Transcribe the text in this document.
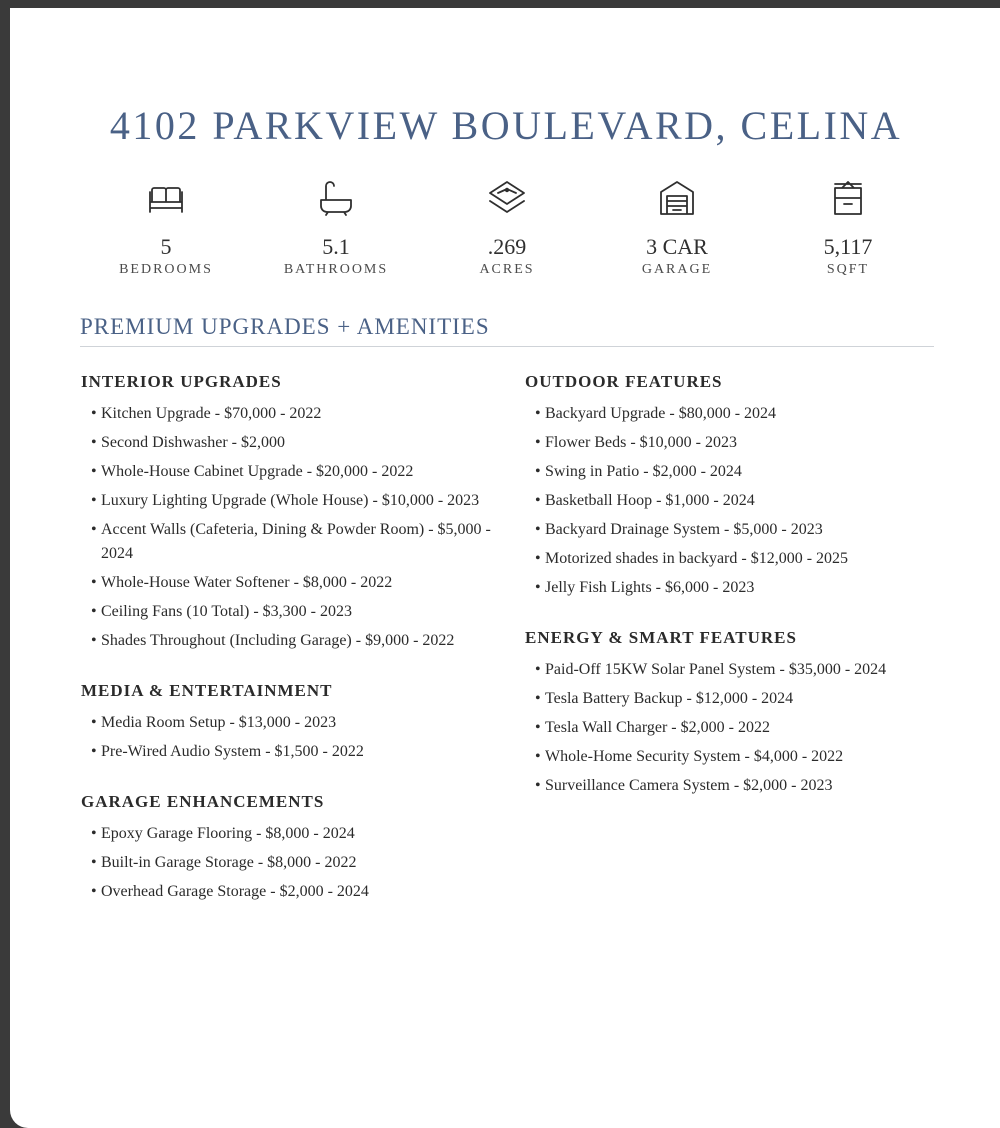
4102 PARKVIEW BOULEVARD, CELINA
5
BEDROOMS
5.1
BATHROOMS
.269
ACRES
3 CAR
GARAGE
5,117
SQFT
PREMIUM UPGRADES + AMENITIES
INTERIOR UPGRADES
• Kitchen Upgrade - $70,000 - 2022
• Second Dishwasher - $2,000
• Whole-House Cabinet Upgrade - $20,000 - 2022
• Luxury Lighting Upgrade (Whole House) - $10,000 - 2023
• Accent Walls (Cafeteria, Dining & Powder Room) - $5,000 - 2024
• Whole-House Water Softener - $8,000 - 2022
• Ceiling Fans (10 Total) - $3,300 - 2023
• Shades Throughout (Including Garage) - $9,000 - 2022
MEDIA & ENTERTAINMENT
• Media Room Setup - $13,000 - 2023
• Pre-Wired Audio System - $1,500 - 2022
GARAGE ENHANCEMENTS
• Epoxy Garage Flooring - $8,000 - 2024
• Built-in Garage Storage - $8,000 - 2022
• Overhead Garage Storage - $2,000 - 2024
OUTDOOR FEATURES
• Backyard Upgrade - $80,000 - 2024
• Flower Beds - $10,000 - 2023
• Swing in Patio - $2,000 - 2024
• Basketball Hoop - $1,000 - 2024
• Backyard Drainage System - $5,000 - 2023
• Motorized shades in backyard - $12,000 - 2025
• Jelly Fish Lights - $6,000 - 2023
ENERGY & SMART FEATURES
• Paid-Off 15KW Solar Panel System - $35,000 - 2024
• Tesla Battery Backup - $12,000 - 2024
• Tesla Wall Charger - $2,000 - 2022
• Whole-Home Security System - $4,000 - 2022
• Surveillance Camera System - $2,000 - 2023
